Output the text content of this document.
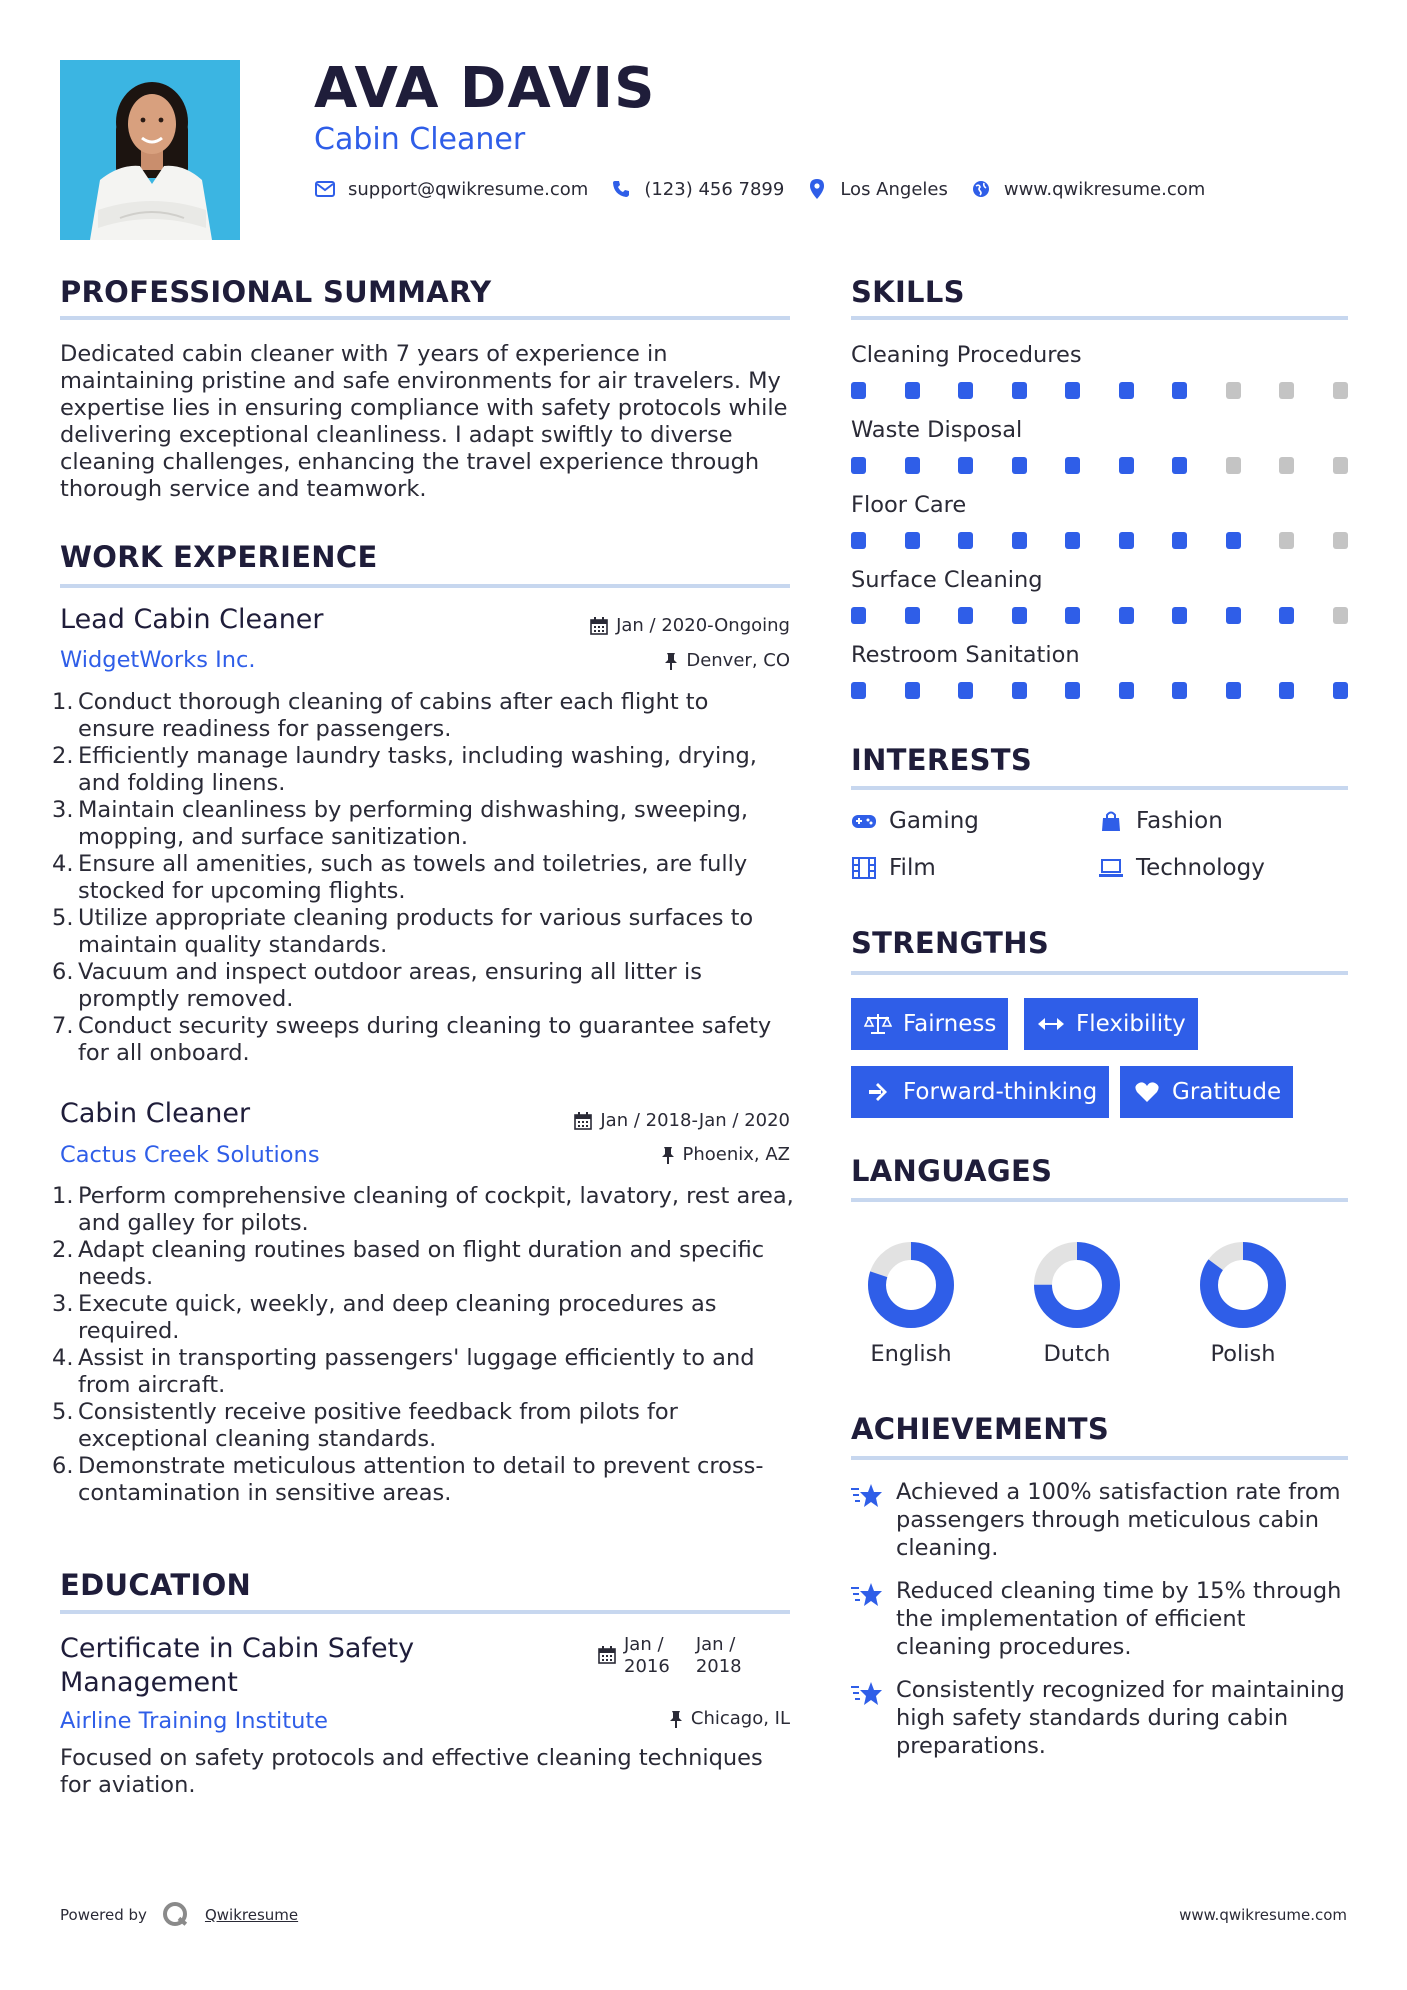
AVA DAVIS
Cabin Cleaner
support@qwikresume.com	(123) 456 7899	Los Angeles	www.qwikresume.com
PROFESSIONAL SUMMARY
Dedicated cabin cleaner with 7 years of experience in
maintaining pristine and safe environments for air travelers. My
expertise lies in ensuring compliance with safety protocols while
delivering exceptional cleanliness. I adapt swiftly to diverse
cleaning challenges, enhancing the travel experience through
thorough service and teamwork.
WORK EXPERIENCE
Lead Cabin Cleaner	Jan / 2020-Ongoing
WidgetWorks Inc.	Denver, CO
1. Conduct thorough cleaning of cabins after each flight to
ensure readiness for passengers.
2. Efficiently manage laundry tasks, including washing, drying,
and folding linens.
3. Maintain cleanliness by performing dishwashing, sweeping,
mopping, and surface sanitization.
4. Ensure all amenities, such as towels and toiletries, are fully
stocked for upcoming flights.
5. Utilize appropriate cleaning products for various surfaces to
maintain quality standards.
6. Vacuum and inspect outdoor areas, ensuring all litter is
promptly removed.
7. Conduct security sweeps during cleaning to guarantee safety
for all onboard.
Cabin Cleaner	Jan / 2018-Jan / 2020
Cactus Creek Solutions	Phoenix, AZ
1. Perform comprehensive cleaning of cockpit, lavatory, rest area,
and galley for pilots.
2. Adapt cleaning routines based on flight duration and specific
needs.
3. Execute quick, weekly, and deep cleaning procedures as
required.
4. Assist in transporting passengers' luggage efficiently to and
from aircraft.
5. Consistently receive positive feedback from pilots for
exceptional cleaning standards.
6. Demonstrate meticulous attention to detail to prevent cross-
contamination in sensitive areas.
EDUCATION
Certificate in Cabin Safety
Management
Jan /
2016
Jan /
2018
Airline Training Institute	Chicago, IL
Focused on safety protocols and effective cleaning techniques
for aviation.
SKILLS
Cleaning Procedures
Waste Disposal
Floor Care
Surface Cleaning
Restroom Sanitation
INTERESTS
Gaming	Fashion
Film	Technology
STRENGTHS
Fairness	Flexibility
Forward-thinking	Gratitude
LANGUAGES
English	Dutch	Polish
ACHIEVEMENTS
Achieved a 100% satisfaction rate from
passengers through meticulous cabin
cleaning.
Reduced cleaning time by 15% through
the implementation of efficient
cleaning procedures.
Consistently recognized for maintaining
high safety standards during cabin
preparations.
Powered by	Qwikresume	www.qwikresume.com
